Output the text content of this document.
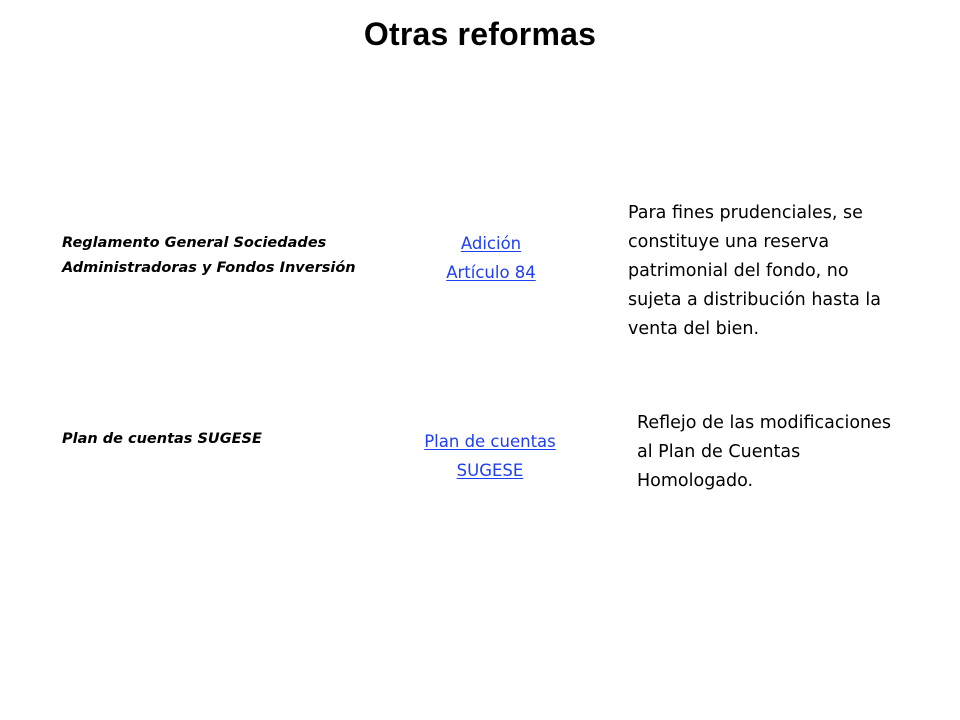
Otras reformas
Reglamento General Sociedades
Administradoras y Fondos Inversión
Adición
Artículo 84
Para fines prudenciales, se
constituye una reserva
patrimonial del fondo, no
sujeta a distribución hasta la
venta del bien.
Plan de cuentas SUGESE	Plan de cuentas
SUGESE
Reflejo de las modificaciones
al Plan de Cuentas
Homologado.
